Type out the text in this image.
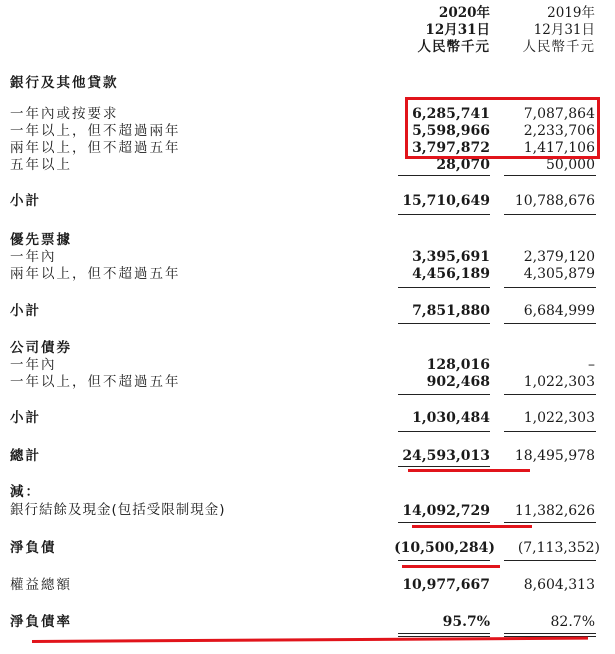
2020年
12月31日
人民幣千元
2019年
12月31日
人民幣千元
銀行及其他貸款
一年內或按要求	6,285,741 7,087,864
一年以上，但不超過兩年	5,598,966 2,233,706
兩年以上，但不超過五年	3,797,872 1,417,106
五年以上	28,070	50,000
小計	15,710,649 10,788,676
優先票據
一年內	3,395,691 2,379,120
兩年以上，但不超過五年	4,456,189 4,305,879
小計	7,851,880 6,684,999
公司債券
一年內	128,016	–
一年以上，但不超過五年	902,468 1,022,303
小計	1,030,484 1,022,303
總計	24,593,013 18,495,978
減：
銀行結餘及現金(包括受限制現金)	14,092,729 11,382,626
淨負債	(10,500,284) (7,113,352)
權益總額	10,977,667 8,604,313
淨負債率	95.7%	82.7%
